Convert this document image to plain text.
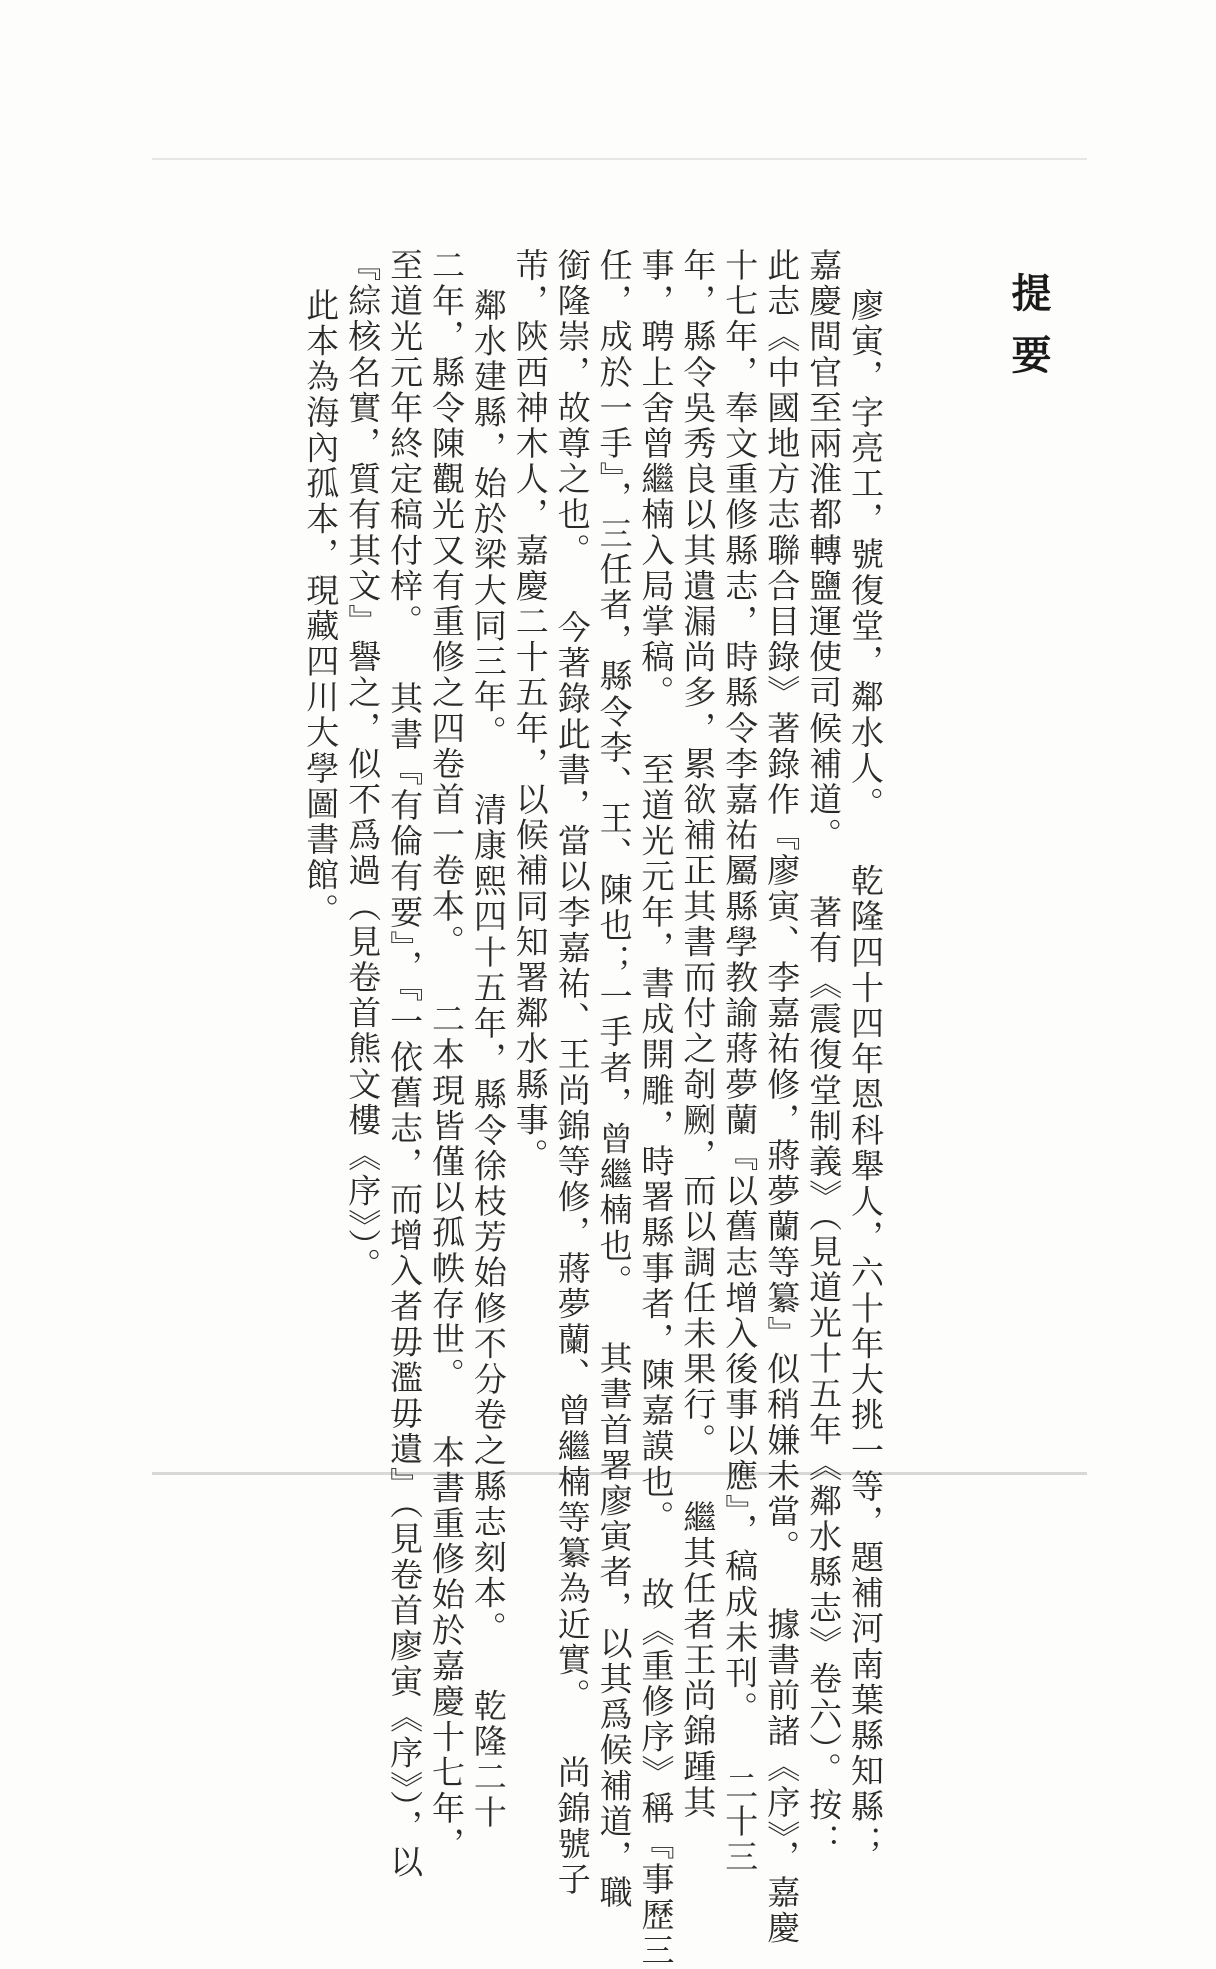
提要
廖寅，字亮工，號復堂，鄰水人。 乾隆四十四年恩科舉人，六十年大挑一等，題補河南葉縣知縣；
嘉慶間官至兩淮都轉鹽運使司候補道。 著有《震復堂制義》（見道光十五年《鄰水縣志》卷六）。按：
此志《中國地方志聯合目錄》著錄作『廖寅、李嘉祐修，蔣夢蘭等纂』似稍嫌未當。 據書前諸《序》，嘉慶
十七年，奉文重修縣志，時縣令李嘉祐屬縣學教諭蔣夢蘭『以舊志增入後事以應』，稿成未刊。 二十三
年，縣令吳秀良以其遺漏尚多，累欲補正其書而付之剞劂，而以調任未果行。 繼其任者王尚錦踵其
事，聘上舍曾繼楠入局掌稿。 至道光元年，書成開雕，時署縣事者，陳嘉謨也。 故《重修序》稱『事歷三
任，成於一手』，三任者，縣令李、王、陳也；一手者，曾繼楠也。 其書首署廖寅者，以其爲候補道，職
銜隆崇，故尊之也。 今著錄此書，當以李嘉祐、王尚錦等修，蔣夢蘭、曾繼楠等纂為近實。 尚錦號子
芾，陝西神木人，嘉慶二十五年，以候補同知署鄰水縣事。
鄰水建縣，始於梁大同三年。 清康熙四十五年，縣令徐枝芳始修不分卷之縣志刻本。 乾隆二十
二年，縣令陳觀光又有重修之四卷首一卷本。 二本現皆僅以孤帙存世。 本書重修始於嘉慶十七年，
至道光元年終定稿付梓。 其書『有倫有要』，『一依舊志，而增入者毋濫毋遺』（見卷首廖寅《序》），以
『綜核名實，質有其文』譽之，似不爲過（見卷首熊文樓《序》）。
此本為海內孤本，現藏四川大學圖書館。
